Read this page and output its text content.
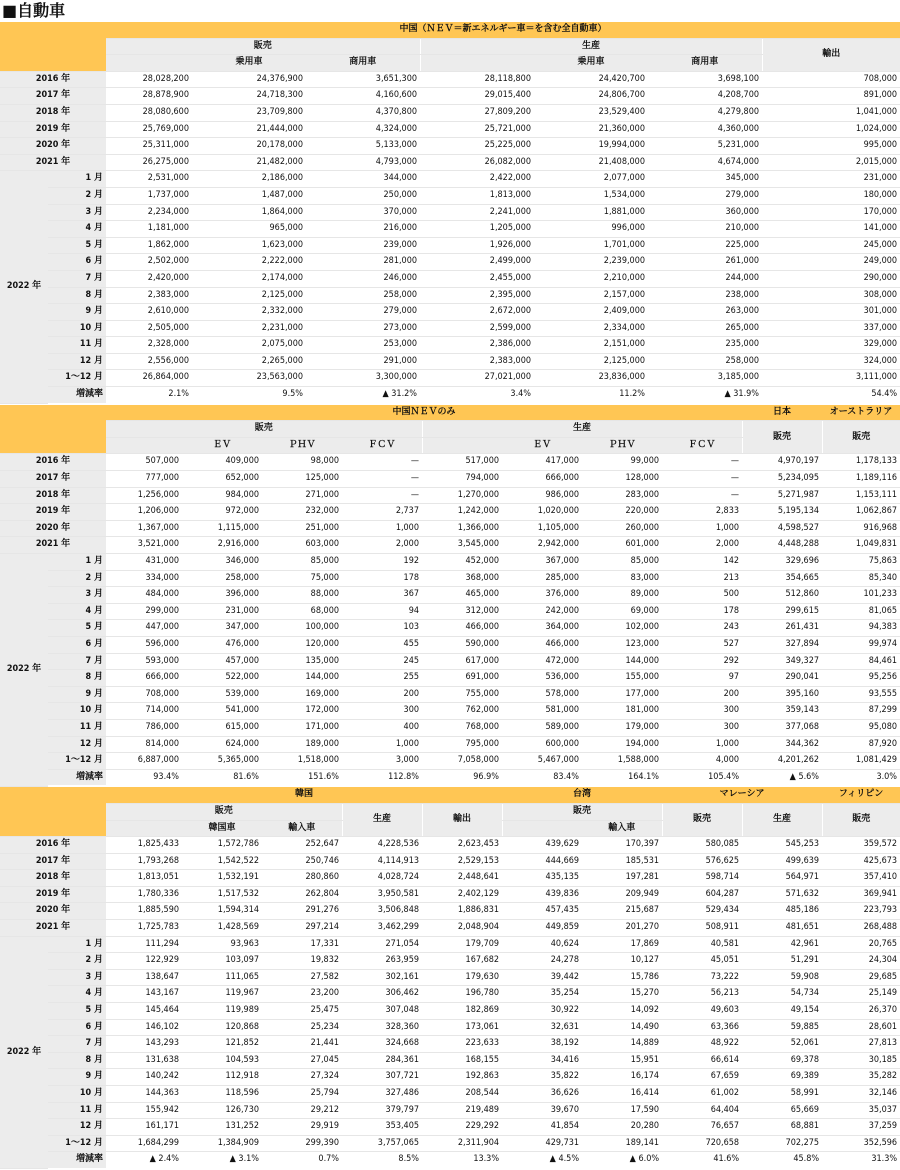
■自動車
		中国（ＮＥＶ＝新エネルギー車＝を含む全自動車）						
		販売			生産			輸出
			乗用車	商用車		乗用車	商用車	
2016 年		28,028,200	24,376,900	3,651,300	28,118,800	24,420,700	3,698,100	708,000
2017 年		28,878,900	24,718,300	4,160,600	29,015,400	24,806,700	4,208,700	891,000
2018 年		28,080,600	23,709,800	4,370,800	27,809,200	23,529,400	4,279,800	1,041,000
2019 年		25,769,000	21,444,000	4,324,000	25,721,000	21,360,000	4,360,000	1,024,000
2020 年		25,311,000	20,178,000	5,133,000	25,225,000	19,994,000	5,231,000	995,000
2021 年		26,275,000	21,482,000	4,793,000	26,082,000	21,408,000	4,674,000	2,015,000
2022 年	1 月	2,531,000	2,186,000	344,000	2,422,000	2,077,000	345,000	231,000
	2 月	1,737,000	1,487,000	250,000	1,813,000	1,534,000	279,000	180,000
	3 月	2,234,000	1,864,000	370,000	2,241,000	1,881,000	360,000	170,000
	4 月	1,181,000	965,000	216,000	1,205,000	996,000	210,000	141,000
	5 月	1,862,000	1,623,000	239,000	1,926,000	1,701,000	225,000	245,000
	6 月	2,502,000	2,222,000	281,000	2,499,000	2,239,000	261,000	249,000
	7 月	2,420,000	2,174,000	246,000	2,455,000	2,210,000	244,000	290,000
	8 月	2,383,000	2,125,000	258,000	2,395,000	2,157,000	238,000	308,000
	9 月	2,610,000	2,332,000	279,000	2,672,000	2,409,000	263,000	301,000
	10 月	2,505,000	2,231,000	273,000	2,599,000	2,334,000	265,000	337,000
	11 月	2,328,000	2,075,000	253,000	2,386,000	2,151,000	235,000	329,000
	12 月	2,556,000	2,265,000	291,000	2,383,000	2,125,000	258,000	324,000
	1～12 月	26,864,000	23,563,000	3,300,000	27,021,000	23,836,000	3,185,000	3,111,000
	増減率	2.1%	9.5%	▲ 31.2%	3.4%	11.2%	▲ 31.9%	54.4%
		中国ＮＥＶのみ								日本	オーストラリア
		販売				生産				販売	販売
			ＥＶ	ＰＨＶ	ＦＣＶ		ＥＶ	ＰＨＶ	ＦＣＶ		
2016 年		507,000	409,000	98,000	—	517,000	417,000	99,000	—	4,970,197	1,178,133
2017 年		777,000	652,000	125,000	—	794,000	666,000	128,000	—	5,234,095	1,189,116
2018 年		1,256,000	984,000	271,000	—	1,270,000	986,000	283,000	—	5,271,987	1,153,111
2019 年		1,206,000	972,000	232,000	2,737	1,242,000	1,020,000	220,000	2,833	5,195,134	1,062,867
2020 年		1,367,000	1,115,000	251,000	1,000	1,366,000	1,105,000	260,000	1,000	4,598,527	916,968
2021 年		3,521,000	2,916,000	603,000	2,000	3,545,000	2,942,000	601,000	2,000	4,448,288	1,049,831
2022 年	1 月	431,000	346,000	85,000	192	452,000	367,000	85,000	142	329,696	75,863
	2 月	334,000	258,000	75,000	178	368,000	285,000	83,000	213	354,665	85,340
	3 月	484,000	396,000	88,000	367	465,000	376,000	89,000	500	512,860	101,233
	4 月	299,000	231,000	68,000	94	312,000	242,000	69,000	178	299,615	81,065
	5 月	447,000	347,000	100,000	103	466,000	364,000	102,000	243	261,431	94,383
	6 月	596,000	476,000	120,000	455	590,000	466,000	123,000	527	327,894	99,974
	7 月	593,000	457,000	135,000	245	617,000	472,000	144,000	292	349,327	84,461
	8 月	666,000	522,000	144,000	255	691,000	536,000	155,000	97	290,041	95,256
	9 月	708,000	539,000	169,000	200	755,000	578,000	177,000	200	395,160	93,555
	10 月	714,000	541,000	172,000	300	762,000	581,000	181,000	300	359,143	87,299
	11 月	786,000	615,000	171,000	400	768,000	589,000	179,000	300	377,068	95,080
	12 月	814,000	624,000	189,000	1,000	795,000	600,000	194,000	1,000	344,362	87,920
	1～12 月	6,887,000	5,365,000	1,518,000	3,000	7,058,000	5,467,000	1,588,000	4,000	4,201,262	1,081,429
	増減率	93.4%	81.6%	151.6%	112.8%	96.9%	83.4%	164.1%	105.4%	▲ 5.6%	3.0%
		韓国					台湾		マレーシア		フィリピン
		販売			生産	輸出	販売		販売	生産	販売
			韓国車	輸入車				輸入車			
2016 年		1,825,433	1,572,786	252,647	4,228,536	2,623,453	439,629	170,397	580,085	545,253	359,572
2017 年		1,793,268	1,542,522	250,746	4,114,913	2,529,153	444,669	185,531	576,625	499,639	425,673
2018 年		1,813,051	1,532,191	280,860	4,028,724	2,448,641	435,135	197,281	598,714	564,971	357,410
2019 年		1,780,336	1,517,532	262,804	3,950,581	2,402,129	439,836	209,949	604,287	571,632	369,941
2020 年		1,885,590	1,594,314	291,276	3,506,848	1,886,831	457,435	215,687	529,434	485,186	223,793
2021 年		1,725,783	1,428,569	297,214	3,462,299	2,048,904	449,859	201,270	508,911	481,651	268,488
2022 年	1 月	111,294	93,963	17,331	271,054	179,709	40,624	17,869	40,581	42,961	20,765
	2 月	122,929	103,097	19,832	263,959	167,682	24,278	10,127	45,051	51,291	24,304
	3 月	138,647	111,065	27,582	302,161	179,630	39,442	15,786	73,222	59,908	29,685
	4 月	143,167	119,967	23,200	306,462	196,780	35,254	15,270	56,213	54,734	25,149
	5 月	145,464	119,989	25,475	307,048	182,869	30,922	14,092	49,603	49,154	26,370
	6 月	146,102	120,868	25,234	328,360	173,061	32,631	14,490	63,366	59,885	28,601
	7 月	143,293	121,852	21,441	324,668	223,633	38,192	14,889	48,922	52,061	27,813
	8 月	131,638	104,593	27,045	284,361	168,155	34,416	15,951	66,614	69,378	30,185
	9 月	140,242	112,918	27,324	307,721	192,863	35,822	16,174	67,659	69,389	35,282
	10 月	144,363	118,596	25,794	327,486	208,544	36,626	16,414	61,002	58,991	32,146
	11 月	155,942	126,730	29,212	379,797	219,489	39,670	17,590	64,404	65,669	35,037
	12 月	161,171	131,252	29,919	353,405	229,292	41,854	20,280	76,657	68,881	37,259
	1～12 月	1,684,299	1,384,909	299,390	3,757,065	2,311,904	429,731	189,141	720,658	702,275	352,596
	増減率	▲ 2.4%	▲ 3.1%	0.7%	8.5%	13.3%	▲ 4.5%	▲ 6.0%	41.6%	45.8%	31.3%
